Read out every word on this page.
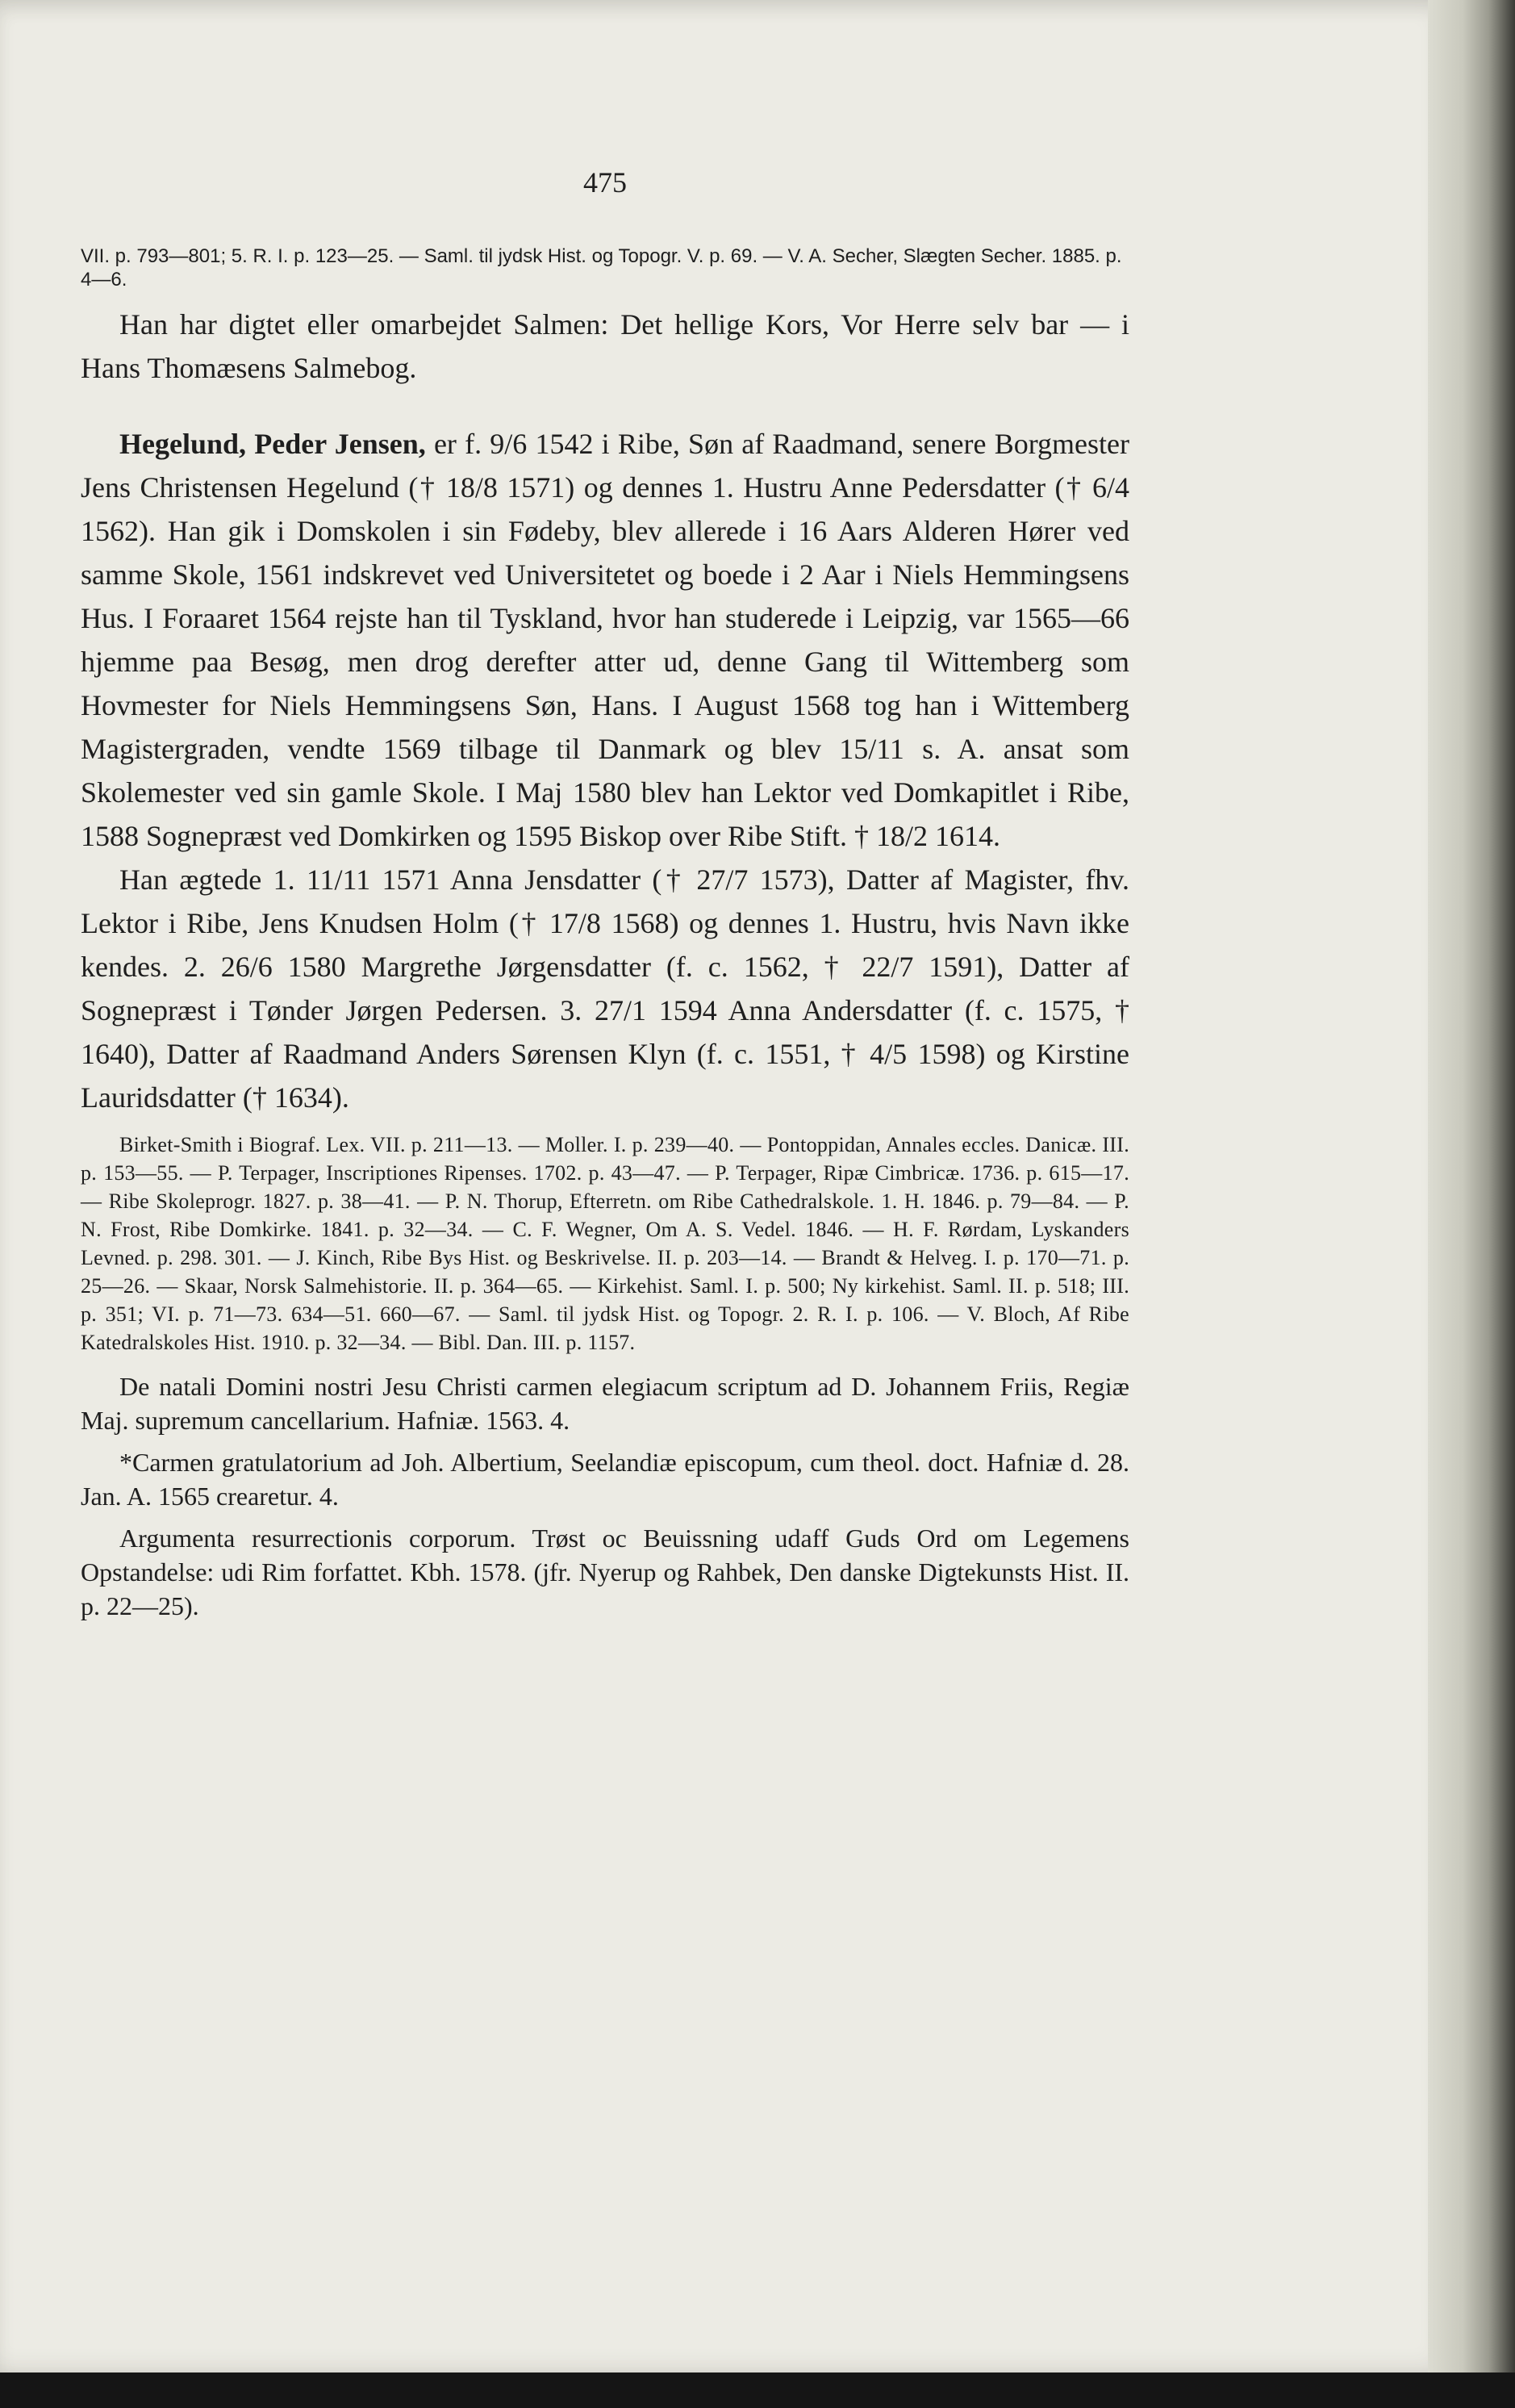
475

VII. p. 793—801; 5. R. I. p. 123—25. — Saml. til jydsk Hist. og Topogr. V. p. 69. — V. A. Secher, Slægten Secher. 1885. p. 4—6.

Han har digtet eller omarbejdet Salmen: Det hellige Kors, Vor Herre selv bar — i Hans Thomæsens Salmebog.

Hegelund, Peder Jensen, er f. 9/6 1542 i Ribe, Søn af Raadmand, senere Borgmester Jens Christensen Hegelund († 18/8 1571) og dennes 1. Hustru Anne Pedersdatter († 6/4 1562). Han gik i Domskolen i sin Fødeby, blev allerede i 16 Aars Alderen Hører ved samme Skole, 1561 indskrevet ved Universitetet og boede i 2 Aar i Niels Hemmingsens Hus. I Foraaret 1564 rejste han til Tyskland, hvor han studerede i Leipzig, var 1565—66 hjemme paa Besøg, men drog derefter atter ud, denne Gang til Wittemberg som Hovmester for Niels Hemmingsens Søn, Hans. I August 1568 tog han i Wittemberg Magistergraden, vendte 1569 tilbage til Danmark og blev 15/11 s. A. ansat som Skolemester ved sin gamle Skole. I Maj 1580 blev han Lektor ved Domkapitlet i Ribe, 1588 Sognepræst ved Domkirken og 1595 Biskop over Ribe Stift. † 18/2 1614.

Han ægtede 1. 11/11 1571 Anna Jensdatter († 27/7 1573), Datter af Magister, fhv. Lektor i Ribe, Jens Knudsen Holm († 17/8 1568) og dennes 1. Hustru, hvis Navn ikke kendes. 2. 26/6 1580 Margrethe Jørgensdatter (f. c. 1562, † 22/7 1591), Datter af Sognepræst i Tønder Jørgen Pedersen. 3. 27/1 1594 Anna Andersdatter (f. c. 1575, † 1640), Datter af Raadmand Anders Sørensen Klyn (f. c. 1551, † 4/5 1598) og Kirstine Lauridsdatter († 1634).

Birket-Smith i Biograf. Lex. VII. p. 211—13. — Moller. I. p. 239—40. — Pontoppidan, Annales eccles. Danicæ. III. p. 153—55. — P. Terpager, Inscriptiones Ripenses. 1702. p. 43—47. — P. Terpager, Ripæ Cimbricæ. 1736. p. 615—17. — Ribe Skoleprogr. 1827. p. 38—41. — P. N. Thorup, Efterretn. om Ribe Cathedralskole. 1. H. 1846. p. 79—84. — P. N. Frost, Ribe Domkirke. 1841. p. 32—34. — C. F. Wegner, Om A. S. Vedel. 1846. — H. F. Rørdam, Lyskanders Levned. p. 298. 301. — J. Kinch, Ribe Bys Hist. og Beskrivelse. II. p. 203—14. — Brandt & Helveg. I. p. 170—71. p. 25—26. — Skaar, Norsk Salmehistorie. II. p. 364—65. — Kirkehist. Saml. I. p. 500; Ny kirkehist. Saml. II. p. 518; III. p. 351; VI. p. 71—73. 634—51. 660—67. — Saml. til jydsk Hist. og Topogr. 2. R. I. p. 106. — V. Bloch, Af Ribe Katedralskoles Hist. 1910. p. 32—34. — Bibl. Dan. III. p. 1157.

De natali Domini nostri Jesu Christi carmen elegiacum scriptum ad D. Johannem Friis, Regiæ Maj. supremum cancellarium. Hafniæ. 1563. 4.

*Carmen gratulatorium ad Joh. Albertium, Seelandiæ episcopum, cum theol. doct. Hafniæ d. 28. Jan. A. 1565 crearetur. 4.

Argumenta resurrectionis corporum. Trøst oc Beuissning udaff Guds Ord om Legemens Opstandelse: udi Rim forfattet. Kbh. 1578. (jfr. Nyerup og Rahbek, Den danske Digtekunsts Hist. II. p. 22—25).
